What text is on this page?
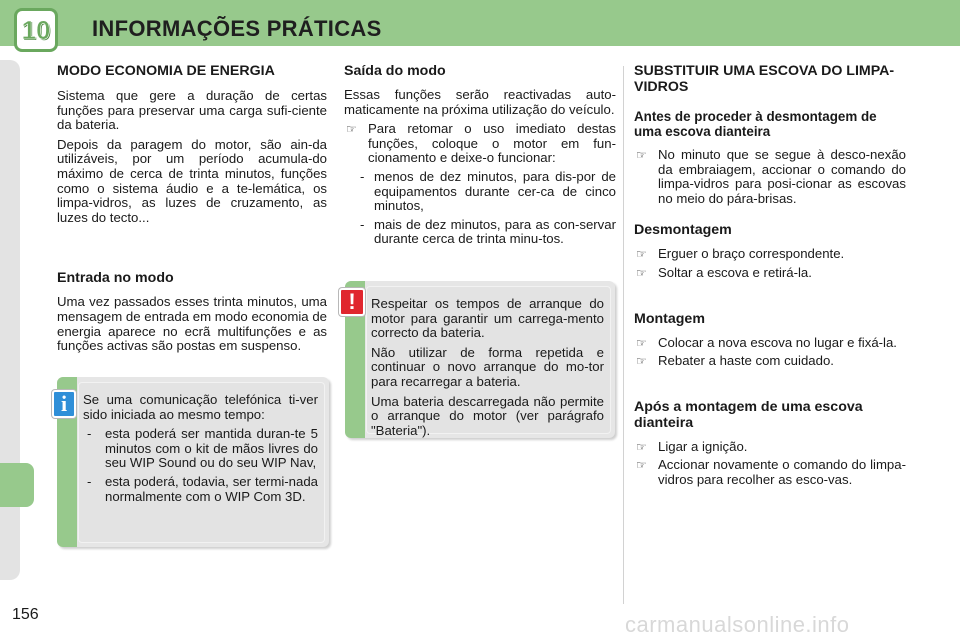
10 INFORMAÇÕES PRÁTICAS
MODO ECONOMIA DE ENERGIA

Sistema que gere a duração de certas funções para preservar uma carga sufi-ciente da bateria.

Depois da paragem do motor, são ain-da utilizáveis, por um período acumula-do máximo de cerca de trinta minutos, funções como o sistema áudio e a te-lemática, os limpa-vidros, as luzes de cruzamento, as luzes do tecto...

Entrada no modo

Uma vez passados esses trinta minutos, uma mensagem de entrada em modo economia de energia aparece no ecrã multifunções e as funções activas são postas em suspenso.

Se uma comunicação telefónica ti-ver sido iniciada ao mesmo tempo:

-	esta poderá ser mantida duran-te 5 minutos com o kit de mãos livres do seu WIP Sound ou do seu WIP Nav,
-	esta poderá, todavia, ser termi-nada normalmente com o WIP Com 3D.
i
Saída do modo

Essas funções serão reactivadas auto-maticamente na próxima utilização do veículo.

☞ Para retomar o uso imediato destas funções, coloque o motor em fun-cionamento e deixe-o funcionar:
- menos de dez minutos, para dis-por de equipamentos durante cer-ca de cinco minutos,
- mais de dez minutos, para as con-servar durante cerca de trinta minu-tos.

Respeitar os tempos de arranque do motor para garantir um carrega-mento correcto da bateria.

Não utilizar de forma repetida e continuar o novo arranque do mo-tor para recarregar a bateria.

Uma bateria descarregada não permite o arranque do motor (ver parágrafo "Bateria").

!
SUBSTITUIR UMA ESCOVA DO LIMPA-VIDROS
Antes de proceder à desmontagem de uma escova dianteira
☞ No minuto que se segue à desco-nexão da embraiagem, accionar o comando do limpa-vidros para posi-cionar as escovas no meio do pára-brisas.
Desmontagem
☞ Erguer o braço correspondente.
☞ Soltar a escova e retirá-la.
Montagem
☞ Colocar a nova escova no lugar e fixá-la.
☞ Rebater a haste com cuidado.
Após a montagem de uma escova dianteira
☞ Ligar a ignição.
☞ Accionar novamente o comando do limpa-vidros para recolher as esco-vas.
156	carmanualsonline.info
